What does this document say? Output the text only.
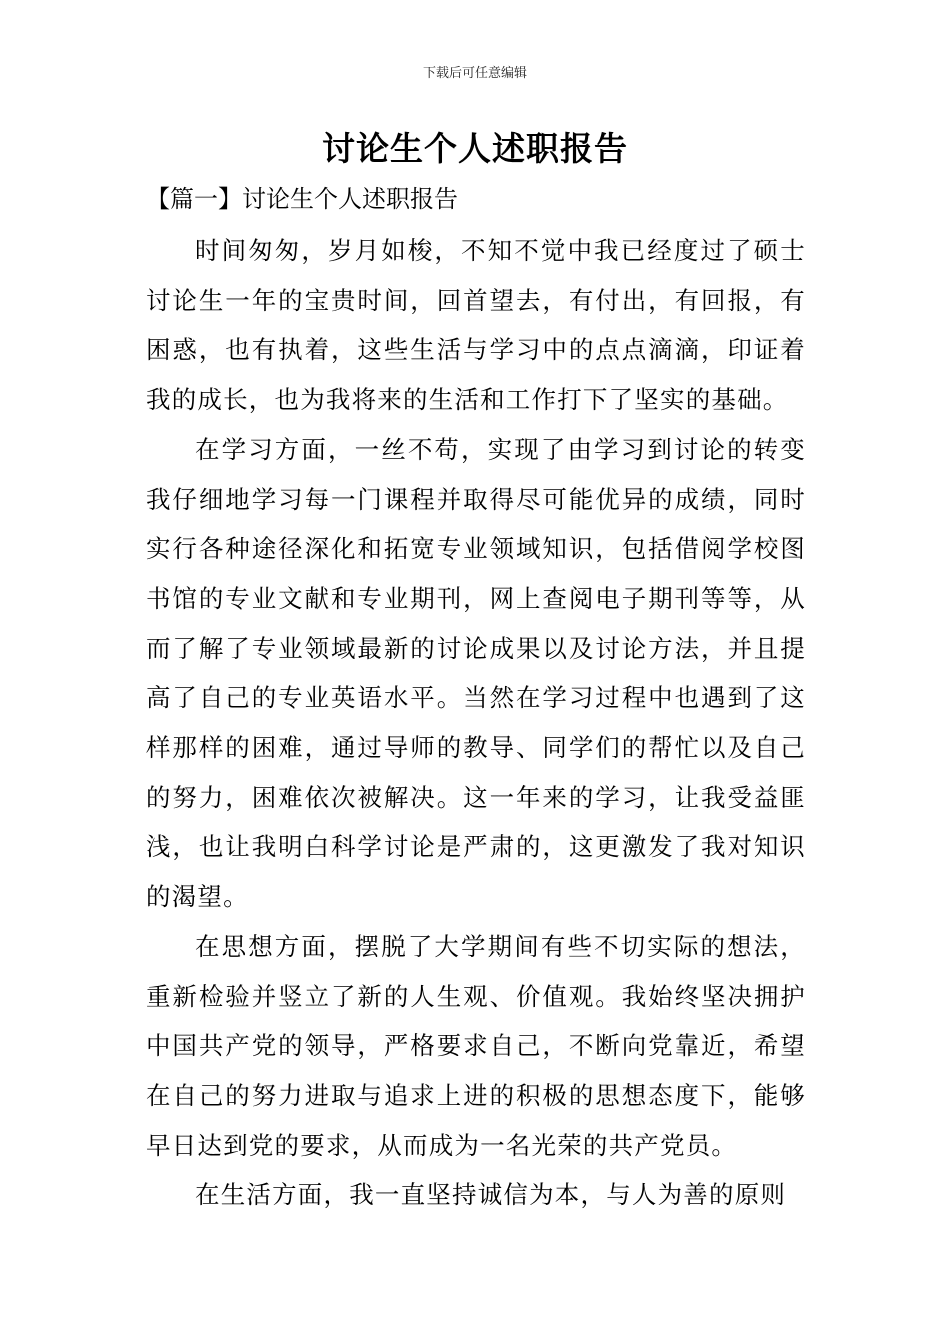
下载后可任意编辑
讨论生个人述职报告
【篇一】讨论生个人述职报告

时间匆匆，岁月如梭，不知不觉中我已经度过了硕士讨论生一年的宝贵时间，回首望去，有付出，有回报，有困惑，也有执着，这些生活与学习中的点点滴滴，印证着我的成长，也为我将来的生活和工作打下了坚实的基础。

在学习方面，一丝不苟，实现了由学习到讨论的转变我仔细地学习每一门课程并取得尽可能优异的成绩，同时实行各种途径深化和拓宽专业领域知识，包括借阅学校图书馆的专业文献和专业期刊，网上查阅电子期刊等等，从而了解了专业领域最新的讨论成果以及讨论方法，并且提高了自己的专业英语水平。当然在学习过程中也遇到了这样那样的困难，通过导师的教导、同学们的帮忙以及自己的努力，困难依次被解决。这一年来的学习，让我受益匪浅，也让我明白科学讨论是严肃的，这更激发了我对知识的渴望。

在思想方面，摆脱了大学期间有些不切实际的想法，重新检验并竖立了新的人生观、价值观。我始终坚决拥护中国共产党的领导，严格要求自己，不断向党靠近，希望在自己的努力进取与追求上进的积极的思想态度下，能够早日达到党的要求，从而成为一名光荣的共产党员。

在生活方面，我一直坚持诚信为本，与人为善的原则
